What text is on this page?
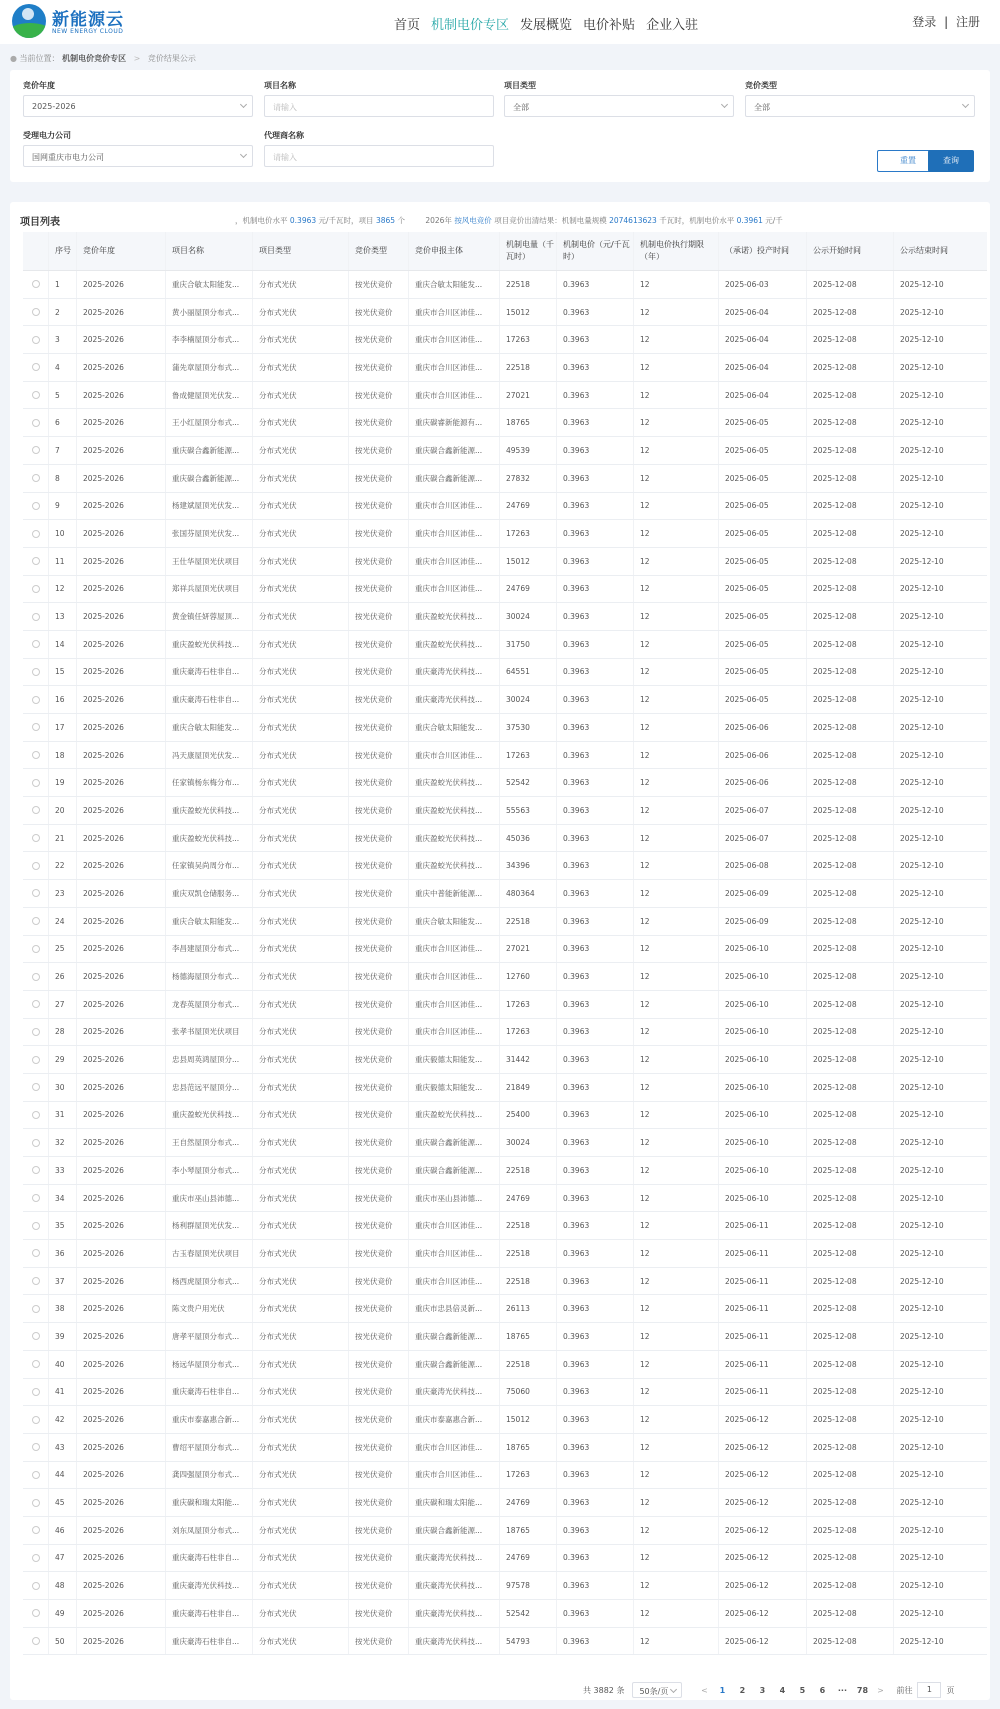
新能源云
NEW ENERGY CLOUD	首页 机制电价专区 发展概览 电价补贴 企业入驻	登录 | 注册
● 当前位置： 机制电价竞价专区 > 竞价结果公示
竞价年度
2025-2026
项目名称
请输入
项目类型
全部
竞价类型
全部
受理电力公司
国网重庆市电力公司
代理商名称
请输入	重置	查询
项目列表	，机制电价水平 0.3963 元/千瓦时，项目 3865 个	2026年 按风电竞价 项目竞价出清结果：机制电量规模 2074613623 千瓦时，机制电价水平 0.3961 元/千
序号	竞价年度	项目名称	项目类型	竞价类型	竞价申报主体
机制电量（千瓦时）
机制电价（元/千瓦时）
机制电价执行期限（年）
（承诺）投产时间	公示开始时间	公示结束时间
1	2025-2026	重庆合敏太阳能发...	分布式光伏	按光伏竞价	重庆合敏太阳能发...	22518	0.3963	12	2025-06-03	2025-12-08	2025-12-10
2	2025-2026	黄小丽屋顶分布式...	分布式光伏	按光伏竞价	重庆市合川区沛佳...	15012	0.3963	12	2025-06-04	2025-12-08	2025-12-10
3	2025-2026	李李楠屋顶分布式...	分布式光伏	按光伏竞价	重庆市合川区沛佳...	17263	0.3963	12	2025-06-04	2025-12-08	2025-12-10
4	2025-2026	蒲先章屋顶分布式...	分布式光伏	按光伏竞价	重庆市合川区沛佳...	22518	0.3963	12	2025-06-04	2025-12-08	2025-12-10
5	2025-2026	鲁成健屋顶光伏发...	分布式光伏	按光伏竞价	重庆市合川区沛佳...	27021	0.3963	12	2025-06-04	2025-12-08	2025-12-10
6	2025-2026	王小红屋顶分布式...	分布式光伏	按光伏竞价	重庆碳睿新能源有...	18765	0.3963	12	2025-06-05	2025-12-08	2025-12-10
7	2025-2026	重庆碳合鑫新能源...	分布式光伏	按光伏竞价	重庆碳合鑫新能源...	49539	0.3963	12	2025-06-05	2025-12-08	2025-12-10
8	2025-2026	重庆碳合鑫新能源...	分布式光伏	按光伏竞价	重庆碳合鑫新能源...	27832	0.3963	12	2025-06-05	2025-12-08	2025-12-10
9	2025-2026	杨建斌屋顶光伏发...	分布式光伏	按光伏竞价	重庆市合川区沛佳...	24769	0.3963	12	2025-06-05	2025-12-08	2025-12-10
10	2025-2026	张国芬屋顶光伏发...	分布式光伏	按光伏竞价	重庆市合川区沛佳...	17263	0.3963	12	2025-06-05	2025-12-08	2025-12-10
11	2025-2026	王仕华屋顶光伏项目	分布式光伏	按光伏竞价	重庆市合川区沛佳...	15012	0.3963	12	2025-06-05	2025-12-08	2025-12-10
12	2025-2026	郑祥兵屋顶光伏项目	分布式光伏	按光伏竞价	重庆市合川区沛佳...	24769	0.3963	12	2025-06-05	2025-12-08	2025-12-10
13	2025-2026	黄金镇任妍蓉屋顶...	分布式光伏	按光伏竞价	重庆盈蛟光伏科技...	30024	0.3963	12	2025-06-05	2025-12-08	2025-12-10
14	2025-2026	重庆盈蛟光伏科技...	分布式光伏	按光伏竞价	重庆盈蛟光伏科技...	31750	0.3963	12	2025-06-05	2025-12-08	2025-12-10
15	2025-2026	重庆豪涛石柱非自...	分布式光伏	按光伏竞价	重庆豪涛光伏科技...	64551	0.3963	12	2025-06-05	2025-12-08	2025-12-10
16	2025-2026	重庆豪涛石柱非自...	分布式光伏	按光伏竞价	重庆豪涛光伏科技...	30024	0.3963	12	2025-06-05	2025-12-08	2025-12-10
17	2025-2026	重庆合敏太阳能发...	分布式光伏	按光伏竞价	重庆合敏太阳能发...	37530	0.3963	12	2025-06-06	2025-12-08	2025-12-10
18	2025-2026	冯天康屋顶光伏发...	分布式光伏	按光伏竞价	重庆市合川区沛佳...	17263	0.3963	12	2025-06-06	2025-12-08	2025-12-10
19	2025-2026	任家镇杨东梅分布...	分布式光伏	按光伏竞价	重庆盈蛟光伏科技...	52542	0.3963	12	2025-06-06	2025-12-08	2025-12-10
20	2025-2026	重庆盈蛟光伏科技...	分布式光伏	按光伏竞价	重庆盈蛟光伏科技...	55563	0.3963	12	2025-06-07	2025-12-08	2025-12-10
21	2025-2026	重庆盈蛟光伏科技...	分布式光伏	按光伏竞价	重庆盈蛟光伏科技...	45036	0.3963	12	2025-06-07	2025-12-08	2025-12-10
22	2025-2026	任家镇吴尚周分布...	分布式光伏	按光伏竞价	重庆盈蛟光伏科技...	34396	0.3963	12	2025-06-08	2025-12-08	2025-12-10
23	2025-2026	重庆双凯仓储服务...	分布式光伏	按光伏竞价	重庆中普能新能源...	480364	0.3963	12	2025-06-09	2025-12-08	2025-12-10
24	2025-2026	重庆合敏太阳能发...	分布式光伏	按光伏竞价	重庆合敏太阳能发...	22518	0.3963	12	2025-06-09	2025-12-08	2025-12-10
25	2025-2026	李昌建屋顶分布式...	分布式光伏	按光伏竞价	重庆市合川区沛佳...	27021	0.3963	12	2025-06-10	2025-12-08	2025-12-10
26	2025-2026	杨德海屋顶分布式...	分布式光伏	按光伏竞价	重庆市合川区沛佳...	12760	0.3963	12	2025-06-10	2025-12-08	2025-12-10
27	2025-2026	龙春英屋顶分布式...	分布式光伏	按光伏竞价	重庆市合川区沛佳...	17263	0.3963	12	2025-06-10	2025-12-08	2025-12-10
28	2025-2026	张孝书屋顶光伏项目	分布式光伏	按光伏竞价	重庆市合川区沛佳...	17263	0.3963	12	2025-06-10	2025-12-08	2025-12-10
29	2025-2026	忠县周英鸿屋顶分...	分布式光伏	按光伏竞价	重庆毅德太阳能发...	31442	0.3963	12	2025-06-10	2025-12-08	2025-12-10
30	2025-2026	忠县范远平屋顶分...	分布式光伏	按光伏竞价	重庆毅德太阳能发...	21849	0.3963	12	2025-06-10	2025-12-08	2025-12-10
31	2025-2026	重庆盈蛟光伏科技...	分布式光伏	按光伏竞价	重庆盈蛟光伏科技...	25400	0.3963	12	2025-06-10	2025-12-08	2025-12-10
32	2025-2026	王自然屋顶分布式...	分布式光伏	按光伏竞价	重庆碳合鑫新能源...	30024	0.3963	12	2025-06-10	2025-12-08	2025-12-10
33	2025-2026	李小琴屋顶分布式...	分布式光伏	按光伏竞价	重庆碳合鑫新能源...	22518	0.3963	12	2025-06-10	2025-12-08	2025-12-10
34	2025-2026	重庆市巫山县沛德...	分布式光伏	按光伏竞价	重庆市巫山县沛德...	24769	0.3963	12	2025-06-10	2025-12-08	2025-12-10
35	2025-2026	杨利群屋顶光伏发...	分布式光伏	按光伏竞价	重庆市合川区沛佳...	22518	0.3963	12	2025-06-11	2025-12-08	2025-12-10
36	2025-2026	古玉春屋顶光伏项目	分布式光伏	按光伏竞价	重庆市合川区沛佳...	22518	0.3963	12	2025-06-11	2025-12-08	2025-12-10
37	2025-2026	杨西虎屋顶分布式...	分布式光伏	按光伏竞价	重庆市合川区沛佳...	22518	0.3963	12	2025-06-11	2025-12-08	2025-12-10
38	2025-2026	陈文贵户用光伏	分布式光伏	按光伏竞价	重庆市忠县倍灵新...	26113	0.3963	12	2025-06-11	2025-12-08	2025-12-10
39	2025-2026	唐孝平屋顶分布式...	分布式光伏	按光伏竞价	重庆碳合鑫新能源...	18765	0.3963	12	2025-06-11	2025-12-08	2025-12-10
40	2025-2026	杨远华屋顶分布式...	分布式光伏	按光伏竞价	重庆碳合鑫新能源...	22518	0.3963	12	2025-06-11	2025-12-08	2025-12-10
41	2025-2026	重庆豪涛石柱非自...	分布式光伏	按光伏竞价	重庆豪涛光伏科技...	75060	0.3963	12	2025-06-11	2025-12-08	2025-12-10
42	2025-2026	重庆市泰嘉惠合新...	分布式光伏	按光伏竞价	重庆市泰嘉惠合新...	15012	0.3963	12	2025-06-12	2025-12-08	2025-12-10
43	2025-2026	曹绍平屋顶分布式...	分布式光伏	按光伏竞价	重庆市合川区沛佳...	18765	0.3963	12	2025-06-12	2025-12-08	2025-12-10
44	2025-2026	龚四强屋顶分布式...	分布式光伏	按光伏竞价	重庆市合川区沛佳...	17263	0.3963	12	2025-06-12	2025-12-08	2025-12-10
45	2025-2026	重庆碳和瑞太阳能...	分布式光伏	按光伏竞价	重庆碳和瑞太阳能...	24769	0.3963	12	2025-06-12	2025-12-08	2025-12-10
46	2025-2026	刘东凤屋顶分布式...	分布式光伏	按光伏竞价	重庆碳合鑫新能源...	18765	0.3963	12	2025-06-12	2025-12-08	2025-12-10
47	2025-2026	重庆豪涛石柱非自...	分布式光伏	按光伏竞价	重庆豪涛光伏科技...	24769	0.3963	12	2025-06-12	2025-12-08	2025-12-10
48	2025-2026	重庆豪涛光伏科技...	分布式光伏	按光伏竞价	重庆豪涛光伏科技...	97578	0.3963	12	2025-06-12	2025-12-08	2025-12-10
49	2025-2026	重庆豪涛石柱非自...	分布式光伏	按光伏竞价	重庆豪涛光伏科技...	52542	0.3963	12	2025-06-12	2025-12-08	2025-12-10
50	2025-2026	重庆豪涛石柱非自...	分布式光伏	按光伏竞价	重庆豪涛光伏科技...	54793	0.3963	12	2025-06-12	2025-12-08	2025-12-10
共 3882 条	50条/页	<	1	2	3	4	5	6	···	78	>	前往	1	页
